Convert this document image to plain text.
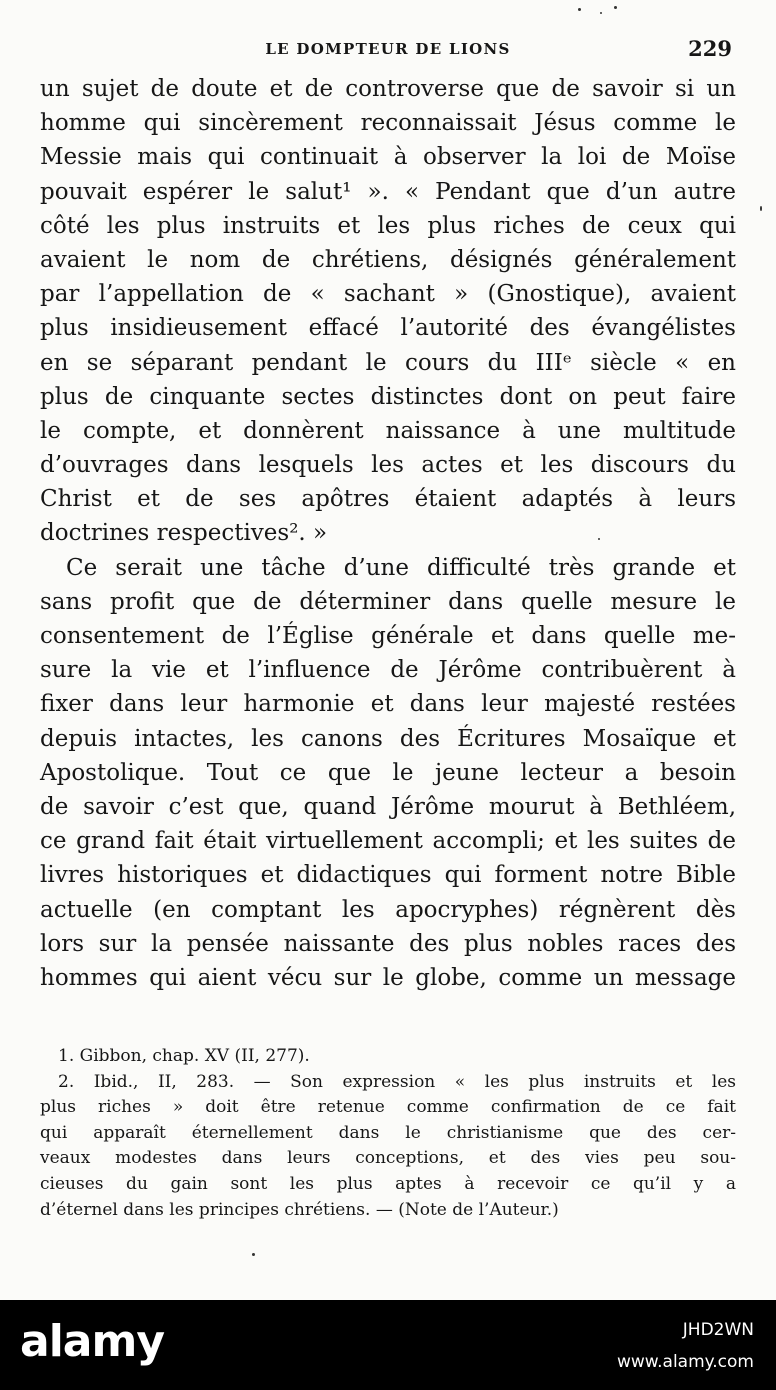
LE DOMPTEUR DE LIONS	229
un sujet de doute et de controverse que de savoir si un
homme qui sincèrement reconnaissait Jésus comme le
Messie mais qui continuait à observer la loi de Moïse
pouvait espérer le salut¹ ». « Pendant que d’un autre
côté les plus instruits et les plus riches de ceux qui
avaient le nom de chrétiens, désignés généralement
par l’appellation de « sachant » (Gnostique), avaient
plus insidieusement effacé l’autorité des évangélistes
en se séparant pendant le cours du IIIᵉ siècle « en
plus de cinquante sectes distinctes dont on peut faire
le compte, et donnèrent naissance à une multitude
d’ouvrages dans lesquels les actes et les discours du
Christ et de ses apôtres étaient adaptés à leurs
doctrines respectives². »
Ce serait une tâche d’une difficulté très grande et
sans profit que de déterminer dans quelle mesure le
consentement de l’Église générale et dans quelle me-
sure la vie et l’influence de Jérôme contribuèrent à
fixer dans leur harmonie et dans leur majesté restées
depuis intactes, les canons des Écritures Mosaïque et
Apostolique. Tout ce que le jeune lecteur a besoin
de savoir c’est que, quand Jérôme mourut à Bethléem,
ce grand fait était virtuellement accompli; et les suites de
livres historiques et didactiques qui forment notre Bible
actuelle (en comptant les apocryphes) régnèrent dès
lors sur la pensée naissante des plus nobles races des
hommes qui aient vécu sur le globe, comme un message
1. Gibbon, chap. XV (II, 277).
2. Ibid., II, 283. — Son expression « les plus instruits et les
plus riches » doit être retenue comme confirmation de ce fait
qui apparaît éternellement dans le christianisme que des cer-
veaux modestes dans leurs conceptions, et des vies peu sou-
cieuses du gain sont les plus aptes à recevoir ce qu’il y a
d’éternel dans les principes chrétiens. — (Note de l’Auteur.)
alamy	JHD2WN
www.alamy.com
